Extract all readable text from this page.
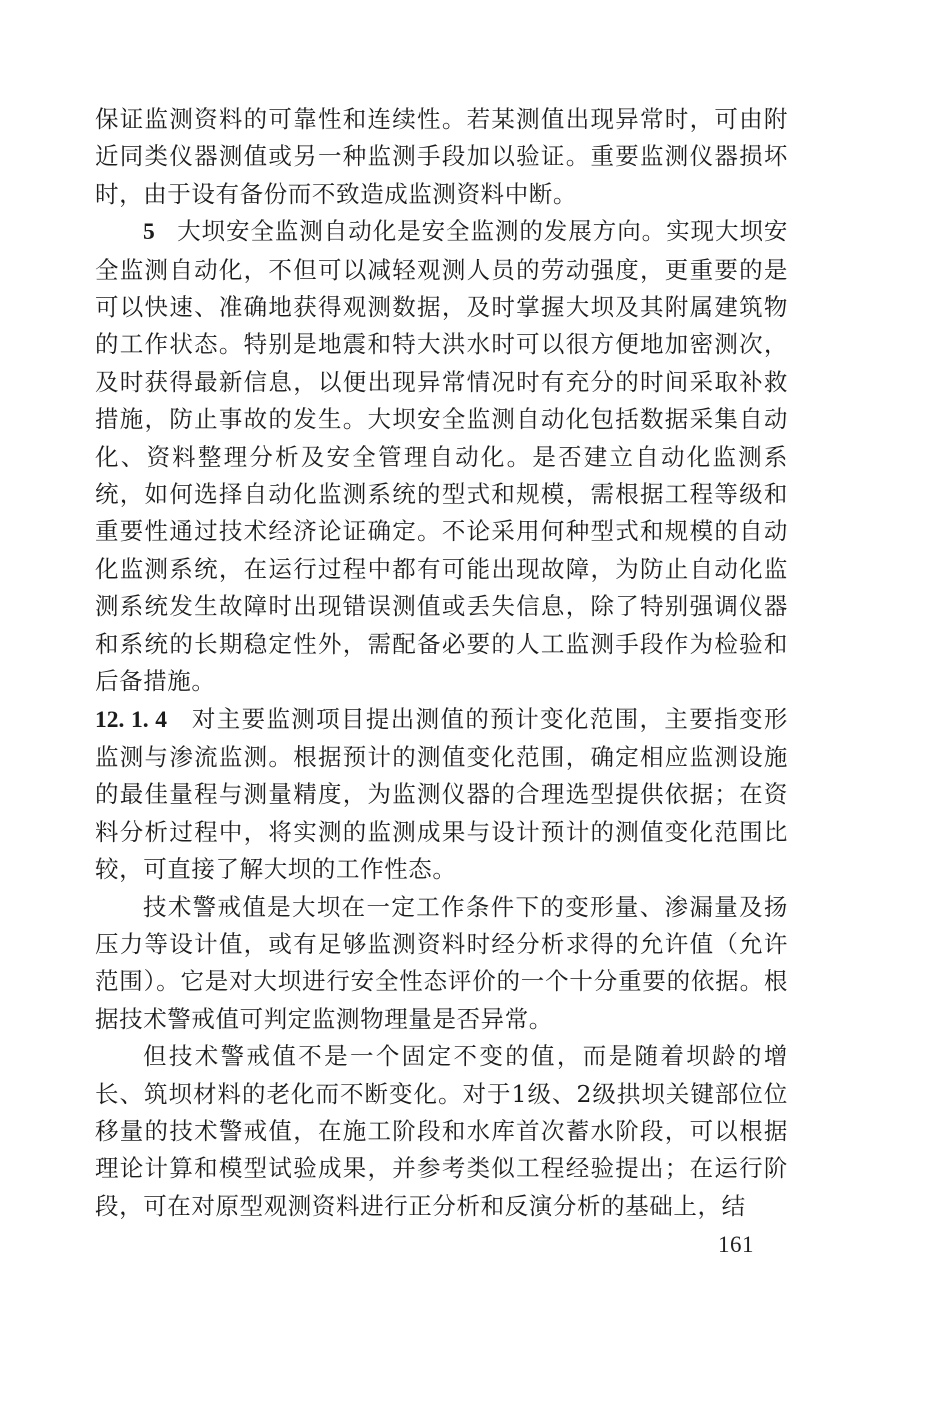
保证监测资料的可靠性和连续性。若某测值出现异常时，可由附近同类仪器测值或另一种监测手段加以验证。重要监测仪器损坏时，由于设有备份而不致造成监测资料中断。

5 大坝安全监测自动化是安全监测的发展方向。实现大坝安全监测自动化，不但可以减轻观测人员的劳动强度，更重要的是可以快速、准确地获得观测数据，及时掌握大坝及其附属建筑物的工作状态。特别是地震和特大洪水时可以很方便地加密测次，及时获得最新信息，以便出现异常情况时有充分的时间采取补救措施，防止事故的发生。大坝安全监测自动化包括数据采集自动化、资料整理分析及安全管理自动化。是否建立自动化监测系统，如何选择自动化监测系统的型式和规模，需根据工程等级和重要性通过技术经济论证确定。不论采用何种型式和规模的自动化监测系统，在运行过程中都有可能出现故障，为防止自动化监测系统发生故障时出现错误测值或丢失信息，除了特别强调仪器和系统的长期稳定性外，需配备必要的人工监测手段作为检验和后备措施。

12. 1. 4 对主要监测项目提出测值的预计变化范围，主要指变形监测与渗流监测。根据预计的测值变化范围，确定相应监测设施的最佳量程与测量精度，为监测仪器的合理选型提供依据；在资料分析过程中，将实测的监测成果与设计预计的测值变化范围比较，可直接了解大坝的工作性态。

技术警戒值是大坝在一定工作条件下的变形量、渗漏量及扬压力等设计值，或有足够监测资料时经分析求得的允许值（允许范围）。它是对大坝进行安全性态评价的一个十分重要的依据。根据技术警戒值可判定监测物理量是否异常。

但技术警戒值不是一个固定不变的值，而是随着坝龄的增长、筑坝材料的老化而不断变化。对于1级、2级拱坝关键部位位移量的技术警戒值，在施工阶段和水库首次蓄水阶段，可以根据理论计算和模型试验成果，并参考类似工程经验提出；在运行阶段，可在对原型观测资料进行正分析和反演分析的基础上，结

161
